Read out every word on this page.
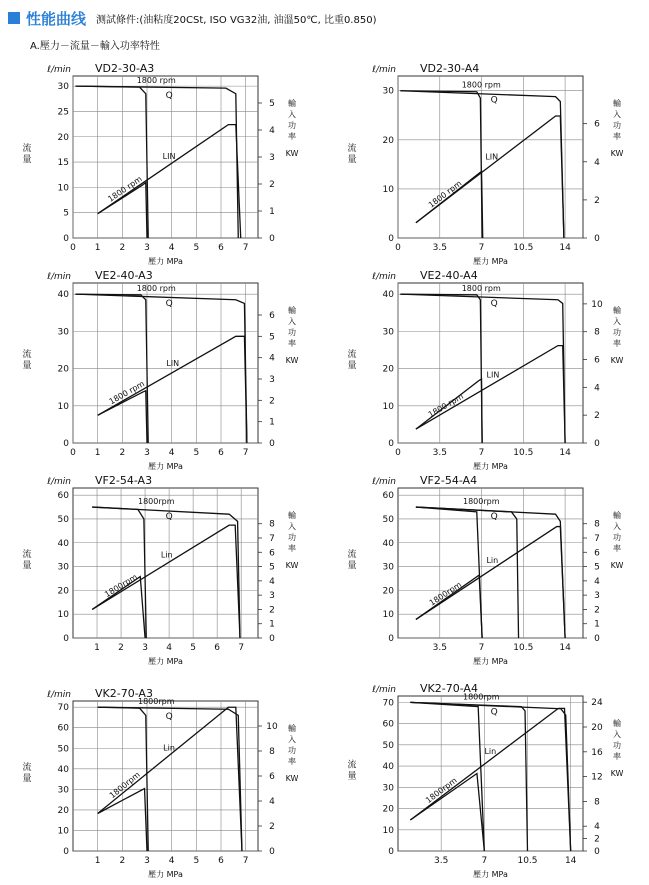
性能曲线 测試條件:(油粘度20CSt, ISO VG32油, 油溫50℃, 比重0.850)
A.壓力－流量－輸入功率特性
0 1 2 3 4 5 6 7
0
5
10
15
20
25
30
0
1
2
3
4
5
壓力 MPa
ℓ/min VD2-30-A3
流
量
輸
入
功
率
KW
1800 rpm
Q
LIN
1800 rpm
0	3.5	7	10.5	14
0
10
20
30
0
2
4
6
壓力 MPa
ℓ/min VD2-30-A4
流
量
輸
入
功
率
KW
1800 rpm
Q
LIN
1800 rpm
0 1 2 3 4 5 6 7
0
10
20
30
40
0
1
2
3
4
5
6
壓力 MPa
ℓ/min VE2-40-A3
流
量
輸
入
功
率
KW
1800 rpm
Q
LIN
1800 rpm
0	3.5	7	10.5	14
0
10
20
30
40
0
2
4
6
8
10
壓力 MPa
ℓ/min VE2-40-A4
流
量
輸
入
功
率
KW
1800 rpm
Q
LIN
1800 rpm
1 2 3 4 5 6 7
0
10
20
30
40
50
60
0
1
2
3
4
5
6
7
8
壓力 MPa
ℓ/min VF2-54-A3
流
量
輸
入
功
率
KW
1800rpm
Q
Lin
1800rpm
3.5	7	10.5	14
0
10
20
30
40
50
60
0
1
2
3
4
5
6
7
8
壓力 MPa
ℓ/min VF2-54-A4
流
量
輸
入
功
率
KW
1800rpm
Q
Lin
1800rpm
1 2 3 4 5 6 7
0
10
20
30
40
50
60
70
0
2
4
6
8
10
壓力 MPa
ℓ/min VK2-70-A3
流
量
輸
入
功
率
KW
1800rpm
Q
Lin
1800rpm
3.5	7	10.5	14
0
10
20
30
40
50
60
70
0
2
4
8
12
16
20
24
壓力 MPa
ℓ/min VK2-70-A4
流
量
輸
入
功
率
KW
1800rpm
Q
Lin
1800rpm
